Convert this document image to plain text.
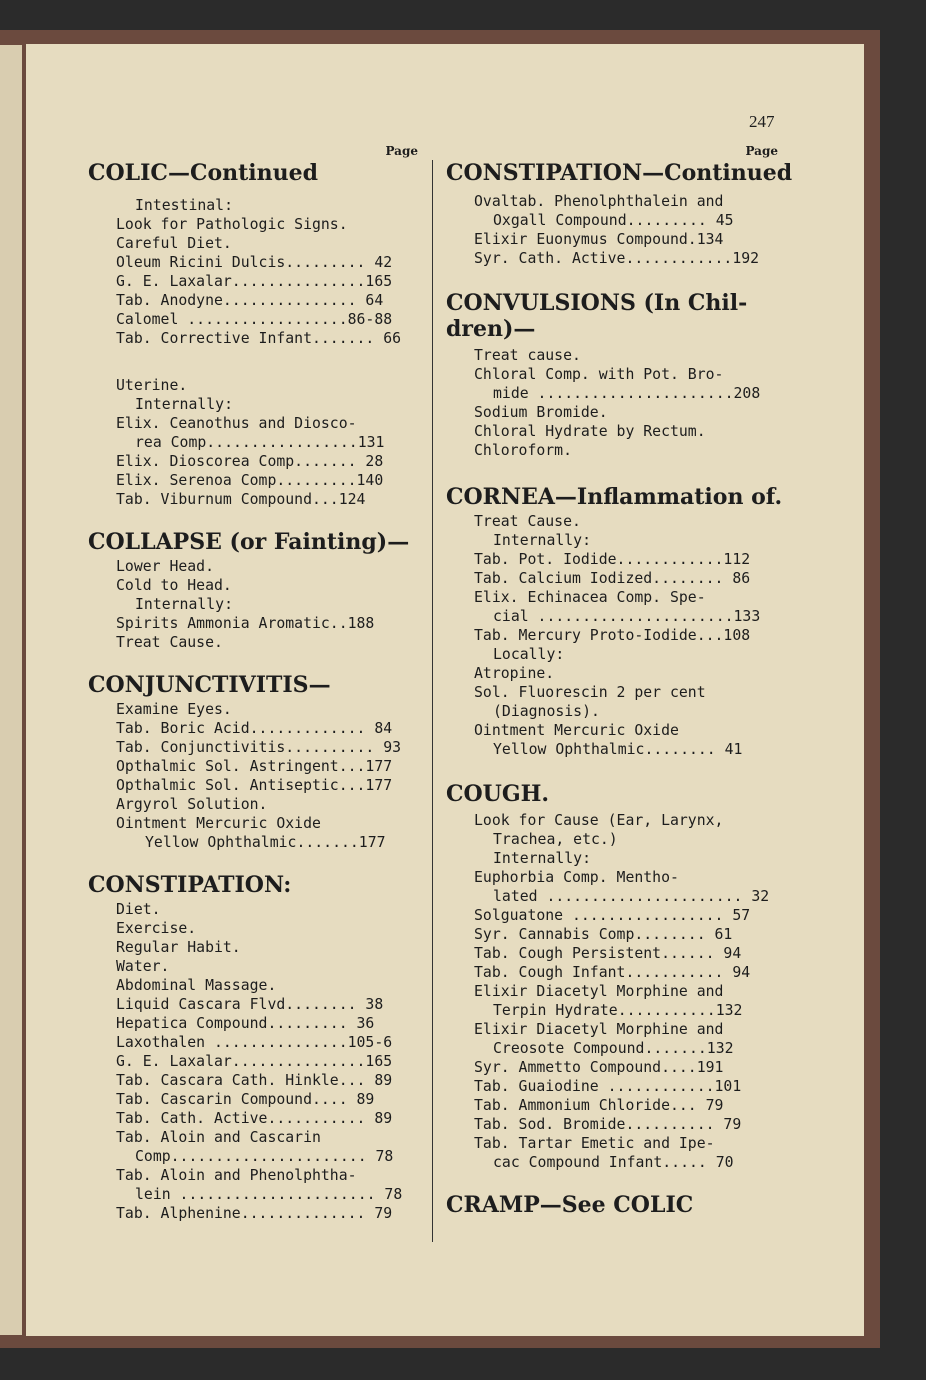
247
Page
COLIC—Continued
Intestinal:
Look for Pathologic Signs.
Careful Diet.
Oleum Ricini Dulcis......... 42
G. E. Laxalar...............165
Tab. Anodyne............... 64
Calomel ..................86-88
Tab. Corrective Infant....... 66
Uterine.
Internally:
Elix. Ceanothus and Diosco-
rea Comp.................131
Elix. Dioscorea Comp....... 28
Elix. Serenoa Comp.........140
Tab. Viburnum Compound...124
COLLAPSE (or Fainting)—
Lower Head.
Cold to Head.
Internally:
Spirits Ammonia Aromatic..188
Treat Cause.
CONJUNCTIVITIS—
Examine Eyes.
Tab. Boric Acid............. 84
Tab. Conjunctivitis.......... 93
Opthalmic Sol. Astringent...177
Opthalmic Sol. Antiseptic...177
Argyrol Solution.
Ointment Mercuric Oxide
Yellow Ophthalmic.......177
CONSTIPATION:
Diet.
Exercise.
Regular Habit.
Water.
Abdominal Massage.
Liquid Cascara Flvd........ 38
Hepatica Compound......... 36
Laxothalen ...............105-6
G. E. Laxalar...............165
Tab. Cascara Cath. Hinkle... 89
Tab. Cascarin Compound.... 89
Tab. Cath. Active........... 89
Tab. Aloin and Cascarin
Comp...................... 78
Tab. Aloin and Phenolphtha-
lein ...................... 78
Tab. Alphenine.............. 79
Page
CONSTIPATION—Continued
Ovaltab. Phenolphthalein and
Oxgall Compound......... 45
Elixir Euonymus Compound.134
Syr. Cath. Active............192
CONVULSIONS (In Chil-dren)—
Treat cause.
Chloral Comp. with Pot. Bro-
mide ......................208
Sodium Bromide.
Chloral Hydrate by Rectum.
Chloroform.
CORNEA—Inflammation of.
Treat Cause.
Internally:
Tab. Pot. Iodide............112
Tab. Calcium Iodized........ 86
Elix. Echinacea Comp. Spe-
cial ......................133
Tab. Mercury Proto-Iodide...108
Locally:
Atropine.
Sol. Fluorescin 2 per cent
(Diagnosis).
Ointment Mercuric Oxide
Yellow Ophthalmic........ 41
COUGH.
Look for Cause (Ear, Larynx,
Trachea, etc.)
Internally:
Euphorbia Comp. Mentho-
lated ...................... 32
Solguatone ................. 57
Syr. Cannabis Comp........ 61
Tab. Cough Persistent...... 94
Tab. Cough Infant........... 94
Elixir Diacetyl Morphine and
Terpin Hydrate...........132
Elixir Diacetyl Morphine and
Creosote Compound.......132
Syr. Ammetto Compound....191
Tab. Guaiodine ............101
Tab. Ammonium Chloride... 79
Tab. Sod. Bromide.......... 79
Tab. Tartar Emetic and Ipe-
cac Compound Infant..... 70
CRAMP—See COLIC
